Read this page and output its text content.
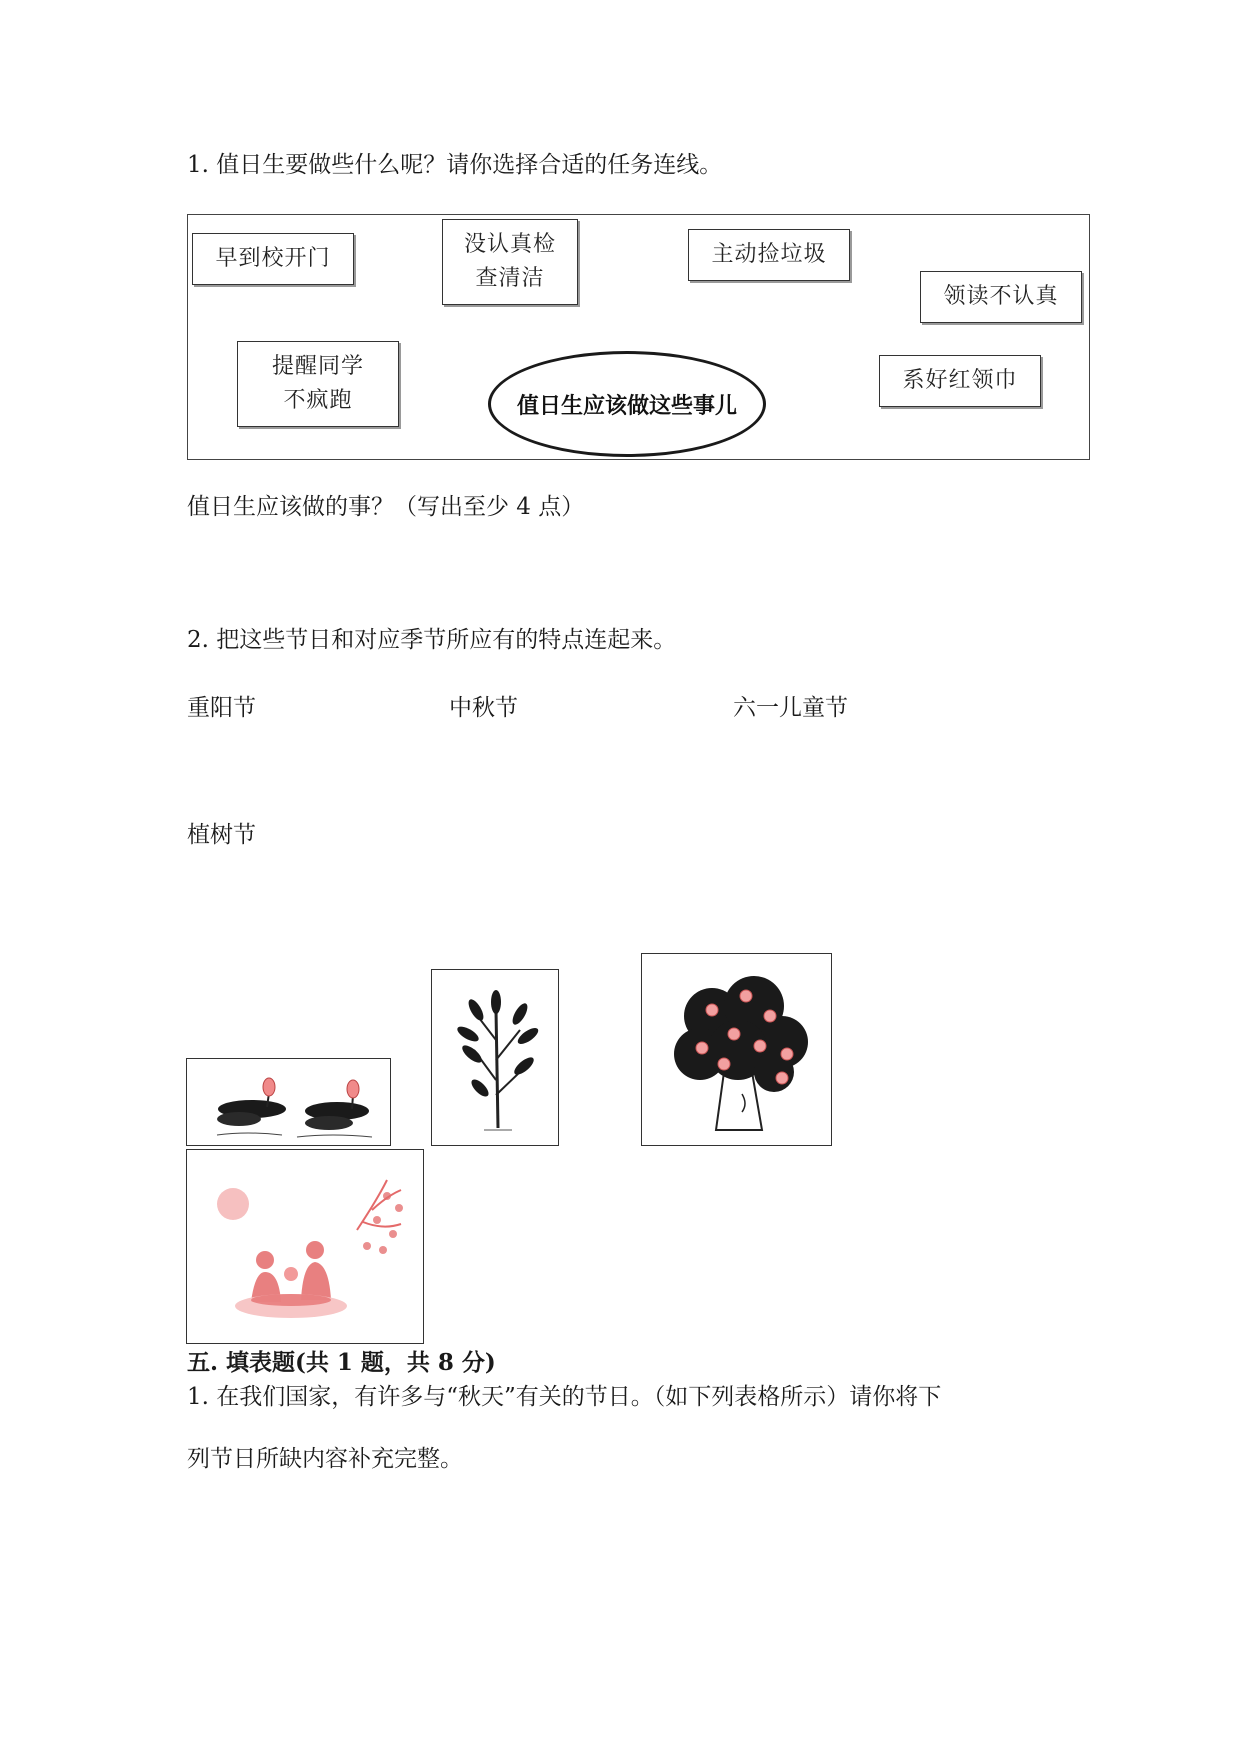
1. 值日生要做些什么呢？请你选择合适的任务连线。
早到校开门
没认真检
查清洁
主动捡垃圾
领读不认真
提醒同学
不疯跑
系好红领巾
值日生应该做这些事儿
值日生应该做的事？（写出至少 4 点）
2. 把这些节日和对应季节所应有的特点连起来。
重阳节	中秋节	六一儿童节
植树节
五. 填表题(共 1 题，共 8 分)
1. 在我们国家，有许多与“秋天”有关的节日。（如下列表格所示）请你将下
列节日所缺内容补充完整。
